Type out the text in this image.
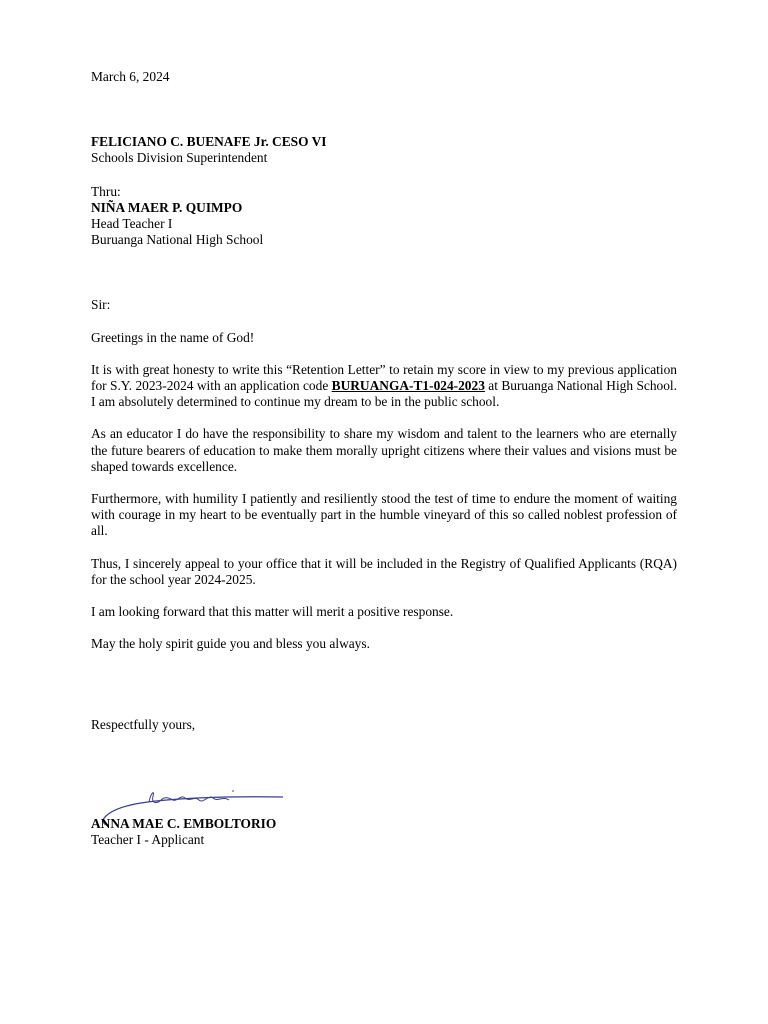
March 6, 2024

FELICIANO C. BUENAFE Jr. CESO VI

Schools Division Superintendent

Thru:

NIÑA MAER P. QUIMPO

Head Teacher I

Buruanga National High School

Sir:

Greetings in the name of God!

It is with great honesty to write this “Retention Letter” to retain my score in view to my previous application for S.Y. 2023-2024 with an application code BURUANGA-T1-024-2023 at Buruanga National High School. I am absolutely determined to continue my dream to be in the public school.

As an educator I do have the responsibility to share my wisdom and talent to the learners who are eternally the future bearers of education to make them morally upright citizens where their values and visions must be shaped towards excellence.

Furthermore, with humility I patiently and resiliently stood the test of time to endure the moment of waiting with courage in my heart to be eventually part in the humble vineyard of this so called noblest profession of all.

Thus, I sincerely appeal to your office that it will be included in the Registry of Qualified Applicants (RQA) for the school year 2024-2025.

I am looking forward that this matter will merit a positive response.

May the holy spirit guide you and bless you always.

Respectfully yours,

ANNA MAE C. EMBOLTORIO

Teacher I - Applicant
